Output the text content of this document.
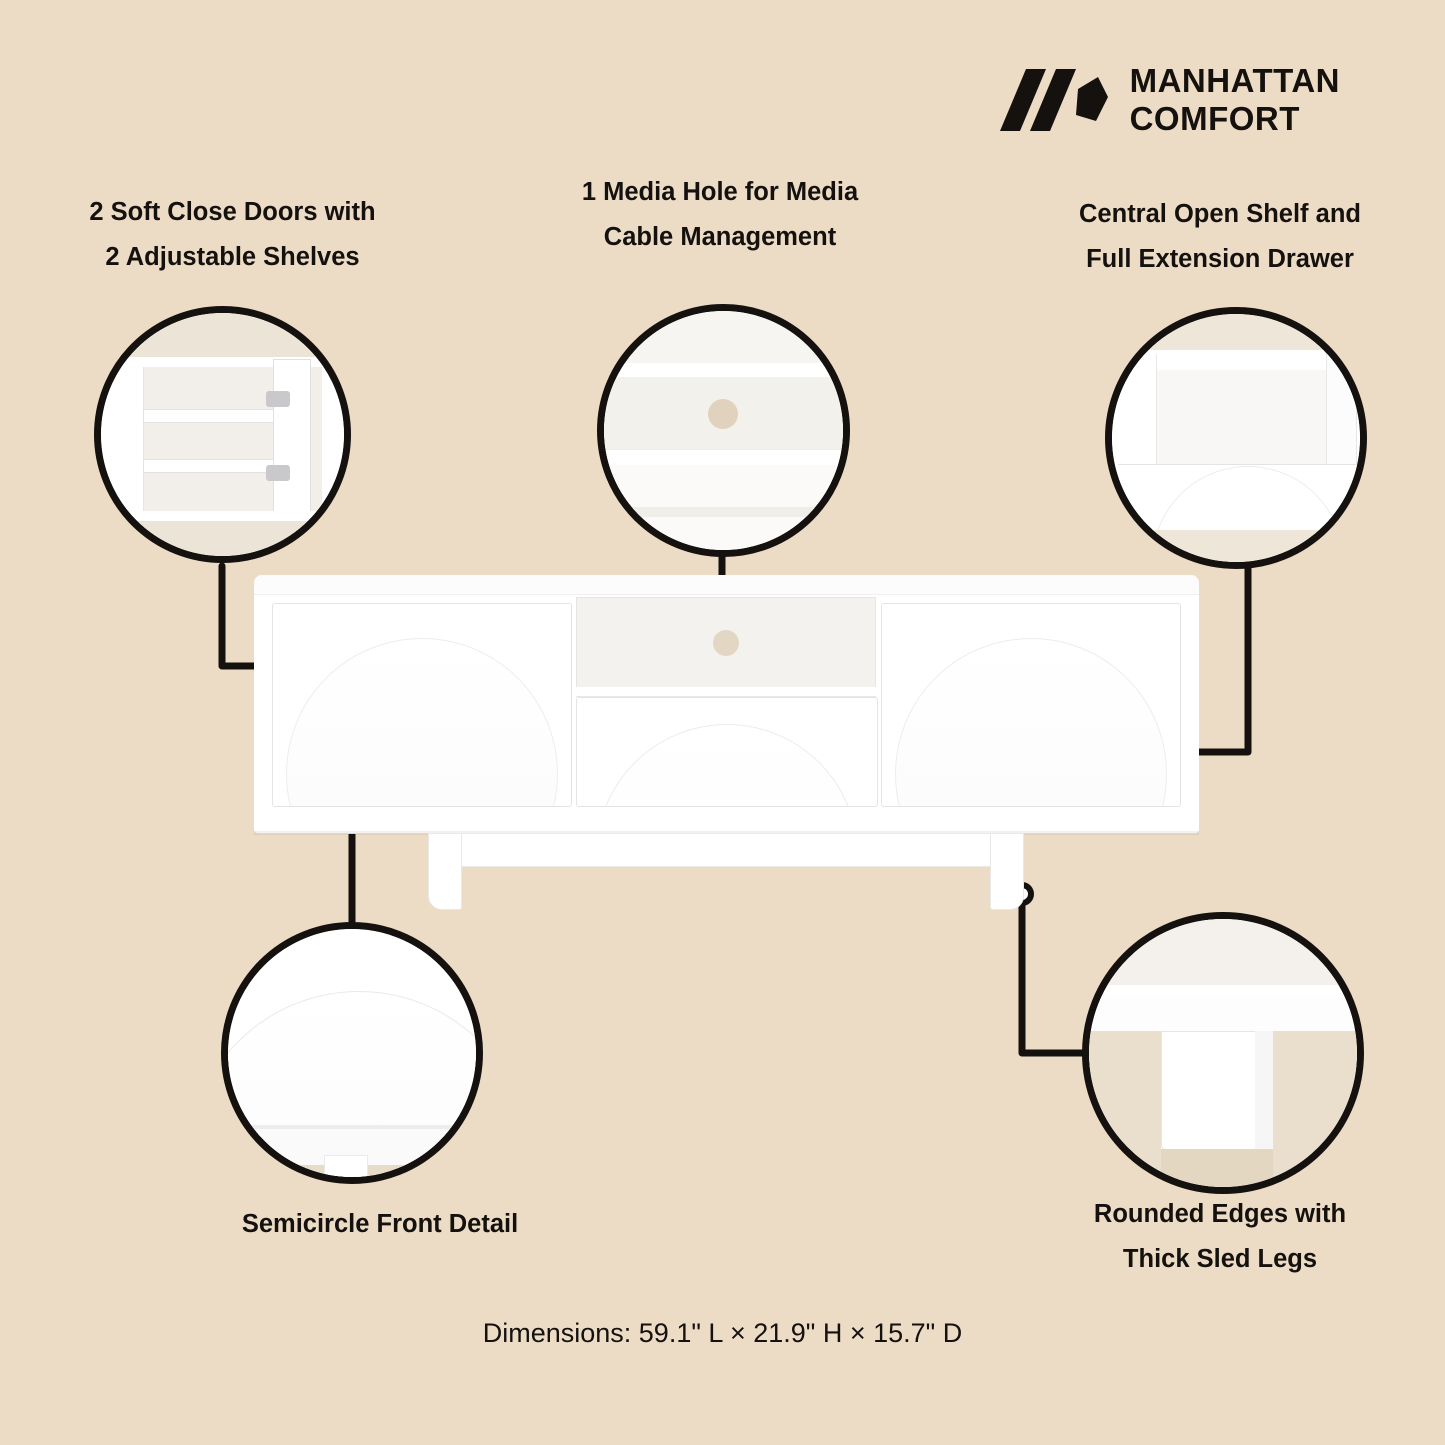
MANHATTAN
COMFORT
2 Soft Close Doors with
2 Adjustable Shelves
1 Media Hole for Media
Cable Management
Central Open Shelf and
Full Extension Drawer
Semicircle Front Detail	Rounded Edges with
Thick Sled Legs
Dimensions: 59.1" L × 21.9" H × 15.7" D
